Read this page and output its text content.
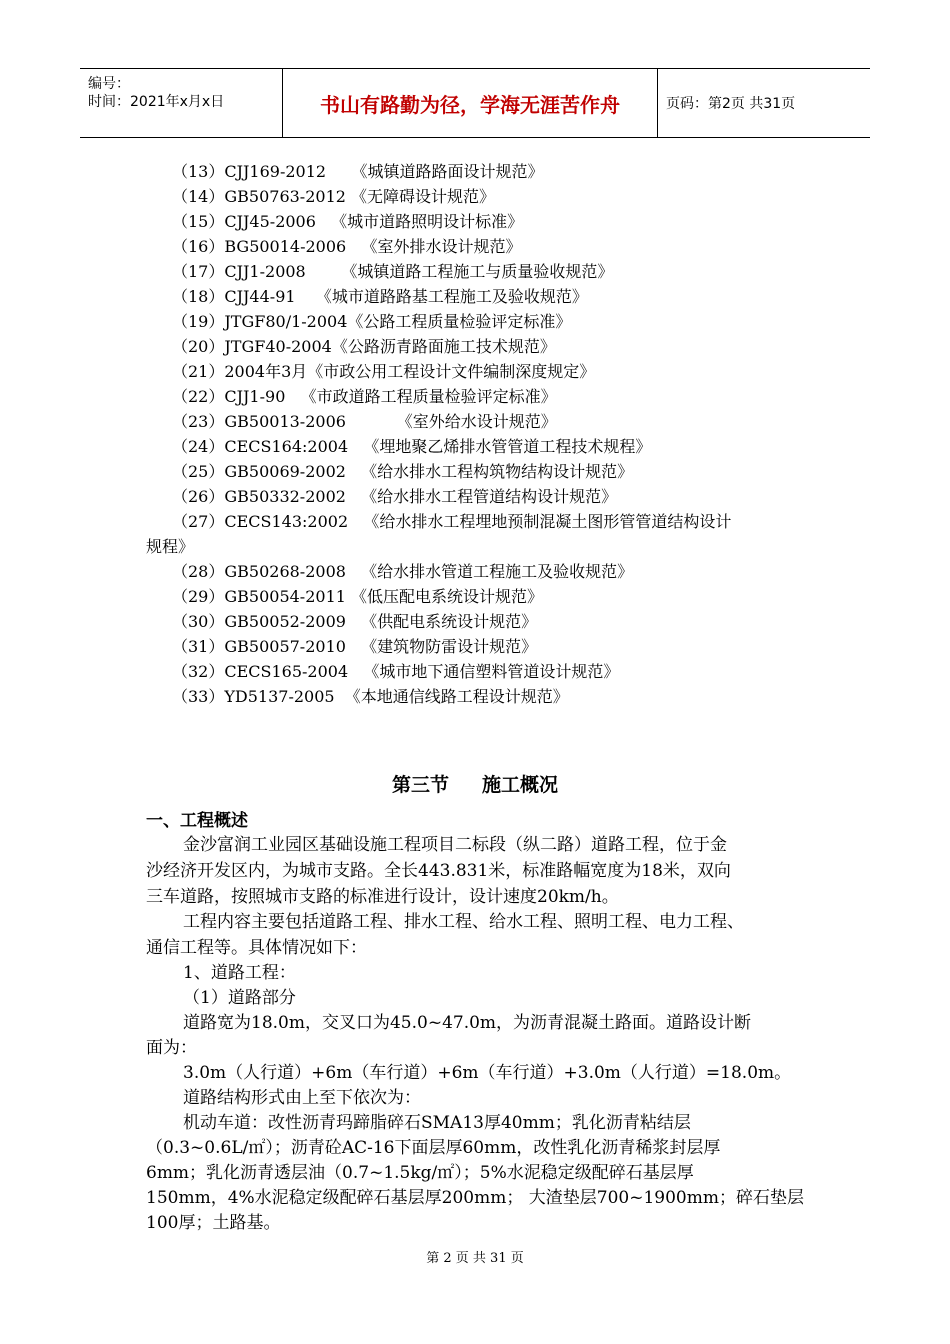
编号：
时间：2021年x月x日	书山有路勤为径，学海无涯苦作舟	页码：第2页 共31页
（13）CJJ169-2012     《城镇道路路面设计规范》
（14）GB50763-2012 《无障碍设计规范》
（15）CJJ45-2006   《城市道路照明设计标准》
（16）BG50014-2006   《室外排水设计规范》
（17）CJJ1-2008       《城镇道路工程施工与质量验收规范》
（18）CJJ44-91    《城市道路路基工程施工及验收规范》
（19）JTGF80/1-2004《公路工程质量检验评定标准》
（20）JTGF40-2004《公路沥青路面施工技术规范》
（21）2004年3月《市政公用工程设计文件编制深度规定》
（22）CJJ1-90   《市政道路工程质量检验评定标准》
（23）GB50013-2006          《室外给水设计规范》
（24）CECS164:2004   《埋地聚乙烯排水管管道工程技术规程》
（25）GB50069-2002   《给水排水工程构筑物结构设计规范》
（26）GB50332-2002   《给水排水工程管道结构设计规范》
（27）CECS143:2002   《给水排水工程埋地预制混凝土图形管管道结构设计
规程》
（28）GB50268-2008   《给水排水管道工程施工及验收规范》
（29）GB50054-2011 《低压配电系统设计规范》
（30）GB50052-2009   《供配电系统设计规范》
（31）GB50057-2010   《建筑物防雷设计规范》
（32）CECS165-2004   《城市地下通信塑料管道设计规范》
（33）YD5137-2005  《本地通信线路工程设计规范》
第三节     施工概况
一、工程概述
金沙富润工业园区基础设施工程项目二标段（纵二路）道路工程，位于金
沙经济开发区内，为城市支路。全长443.831米，标准路幅宽度为18米，双向
三车道路，按照城市支路的标准进行设计，设计速度20km/h。
工程内容主要包括道路工程、排水工程、给水工程、照明工程、电力工程、
通信工程等。具体情况如下：
1、道路工程：
（1）道路部分
道路宽为18.0m，交叉口为45.0~47.0m，为沥青混凝土路面。道路设计断
面为：
3.0m（人行道）+6m（车行道）+6m（车行道）+3.0m（人行道）=18.0m。
道路结构形式由上至下依次为：
机动车道：改性沥青玛蹄脂碎石SMA13厚40mm；乳化沥青粘结层
（0.3~0.6L/㎡）；沥青砼AC-16下面层厚60mm，改性乳化沥青稀浆封层厚
6mm；乳化沥青透层油（0.7~1.5kg/㎡）；5%水泥稳定级配碎石基层厚
150mm，4%水泥稳定级配碎石基层厚200mm； 大渣垫层700~1900mm；碎石垫层
100厚；土路基。
第 2 页 共 31 页
